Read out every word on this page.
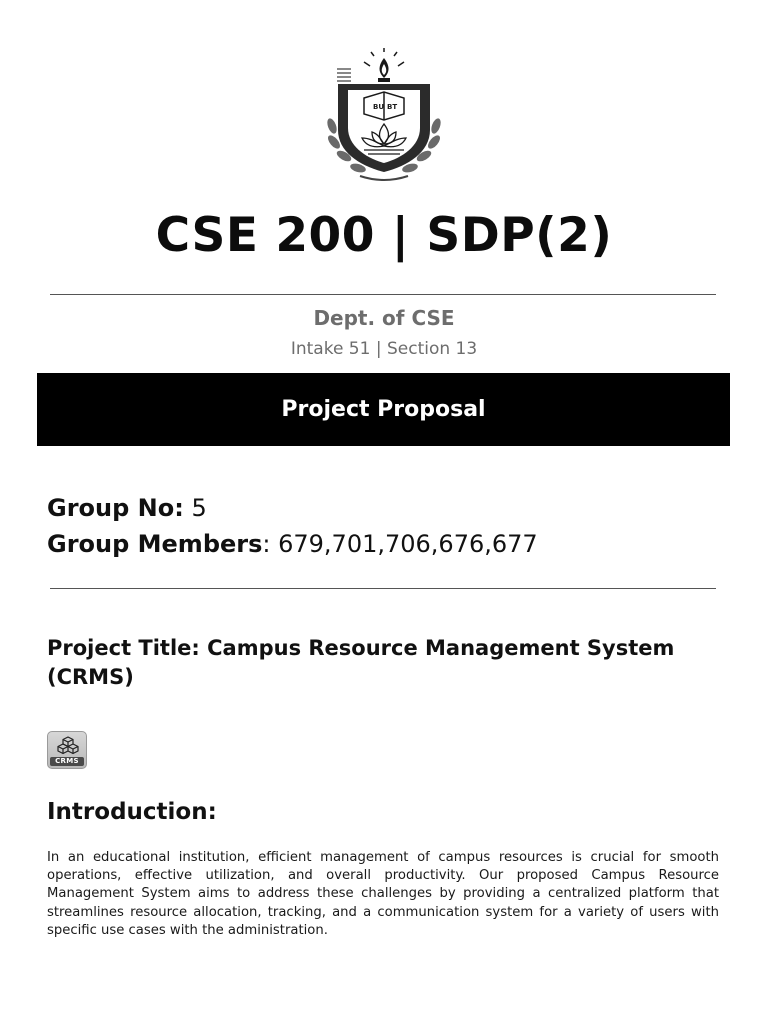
BU BT
CSE 200 | SDP(2)
Dept. of CSE
Intake 51 | Section 13
Project Proposal
Group No: 5
Group Members: 679,701,706,676,677
Project Title: Campus Resource Management System (CRMS)
CRMS
Introduction:
In an educational institution, efficient management of campus resources is crucial for smooth operations, effective utilization, and overall productivity. Our proposed Campus Resource Management System aims to address these challenges by providing a centralized platform that streamlines resource allocation, tracking, and a communication system for a variety of users with specific use cases with the administration.
